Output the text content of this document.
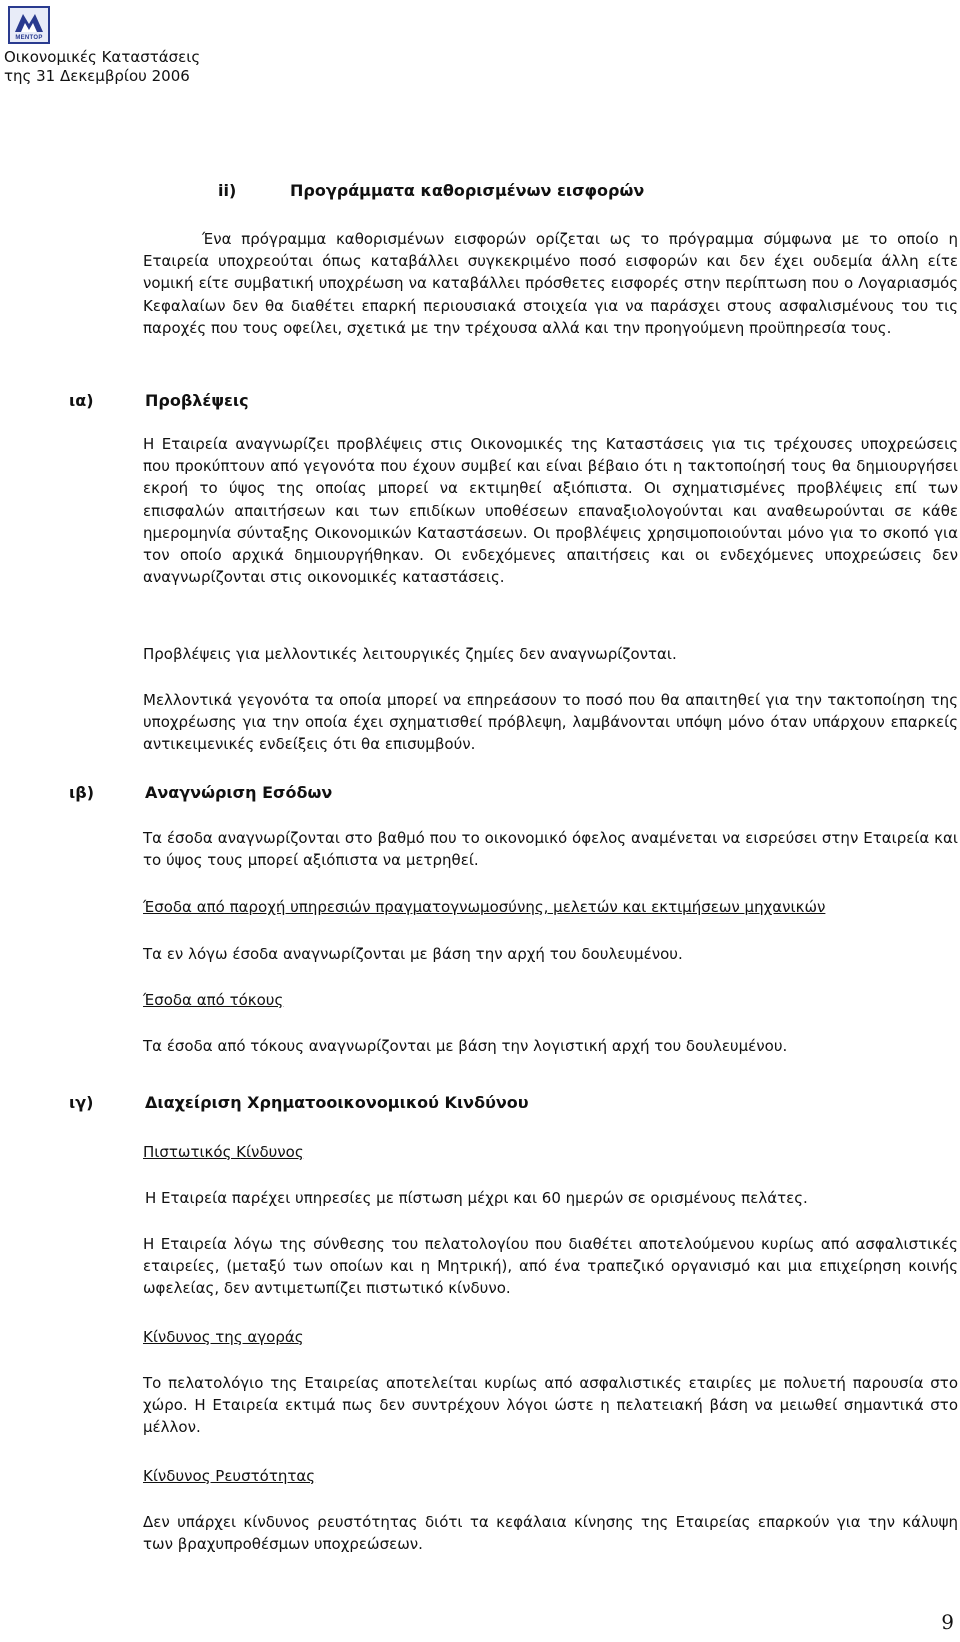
ΜΕΝΤΟΡ
Οικονομικές Καταστάσεις
της 31 Δεκεμβρίου 2006
ii)	Προγράμματα καθορισμένων εισφορών

Ένα πρόγραμμα καθορισμένων εισφορών ορίζεται ως το πρόγραμμα σύμφωνα με το οποίο η Εταιρεία υποχρεούται όπως καταβάλλει συγκεκριμένο ποσό εισφορών και δεν έχει ουδεμία άλλη είτε νομική είτε συμβατική υποχρέωση να καταβάλλει πρόσθετες εισφορές στην περίπτωση που ο Λογαριασμός Κεφαλαίων δεν θα διαθέτει επαρκή περιουσιακά στοιχεία για να παράσχει στους ασφαλισμένους του τις παροχές που τους οφείλει, σχετικά με την τρέχουσα αλλά και την προηγούμενη προϋπηρεσία τους.

ια)	Προβλέψεις

Η Εταιρεία αναγνωρίζει προβλέψεις στις Οικονομικές της Καταστάσεις για τις τρέχουσες υποχρεώσεις που προκύπτουν από γεγονότα που έχουν συμβεί και είναι βέβαιο ότι η τακτοποίησή τους θα δημιουργήσει εκροή το ύψος της οποίας μπορεί να εκτιμηθεί αξιόπιστα. Οι σχηματισμένες προβλέψεις επί των επισφαλών απαιτήσεων και των επιδίκων υποθέσεων επαναξιολογούνται και αναθεωρούνται σε κάθε ημερομηνία σύνταξης Οικονομικών Καταστάσεων. Οι προβλέψεις χρησιμοποιούνται μόνο για το σκοπό για τον οποίο αρχικά δημιουργήθηκαν. Οι ενδεχόμενες απαιτήσεις και οι ενδεχόμενες υποχρεώσεις δεν αναγνωρίζονται στις οικονομικές καταστάσεις.

Προβλέψεις για μελλοντικές λειτουργικές ζημίες δεν αναγνωρίζονται.

Μελλοντικά γεγονότα τα οποία μπορεί να επηρεάσουν το ποσό που θα απαιτηθεί για την τακτοποίηση της υποχρέωσης για την οποία έχει σχηματισθεί πρόβλεψη, λαμβάνονται υπόψη μόνο όταν υπάρχουν επαρκείς αντικειμενικές ενδείξεις ότι θα επισυμβούν.

ιβ)	Αναγνώριση Εσόδων

Τα έσοδα αναγνωρίζονται στο βαθμό που το οικονομικό όφελος αναμένεται να εισρεύσει στην Εταιρεία και το ύψος τους μπορεί αξιόπιστα να μετρηθεί.

Έσοδα από παροχή υπηρεσιών πραγματογνωμοσύνης, μελετών και εκτιμήσεων μηχανικών

Τα εν λόγω έσοδα αναγνωρίζονται με βάση την αρχή του δουλευμένου.

Έσοδα από τόκους

Τα έσοδα από τόκους αναγνωρίζονται με βάση την λογιστική αρχή του δουλευμένου.

ιγ)	Διαχείριση Χρηματοοικονομικού Κινδύνου

Πιστωτικός Κίνδυνος

Η Εταιρεία παρέχει υπηρεσίες με πίστωση μέχρι και 60 ημερών σε ορισμένους πελάτες.

Η Εταιρεία λόγω της σύνθεσης του πελατολογίου που διαθέτει αποτελούμενου κυρίως από ασφαλιστικές εταιρείες, (μεταξύ των οποίων και η Μητρική), από ένα τραπεζικό οργανισμό και μια επιχείρηση κοινής ωφελείας, δεν αντιμετωπίζει πιστωτικό κίνδυνο.

Κίνδυνος της αγοράς

Το πελατολόγιο της Εταιρείας αποτελείται κυρίως από ασφαλιστικές εταιρίες με πολυετή παρουσία στο χώρο. Η Εταιρεία εκτιμά πως δεν συντρέχουν λόγοι ώστε η πελατειακή βάση να μειωθεί σημαντικά στο μέλλον.

Κίνδυνος Ρευστότητας

Δεν υπάρχει κίνδυνος ρευστότητας διότι τα κεφάλαια κίνησης της Εταιρείας επαρκούν για την κάλυψη των βραχυπροθέσμων υποχρεώσεων.

9
